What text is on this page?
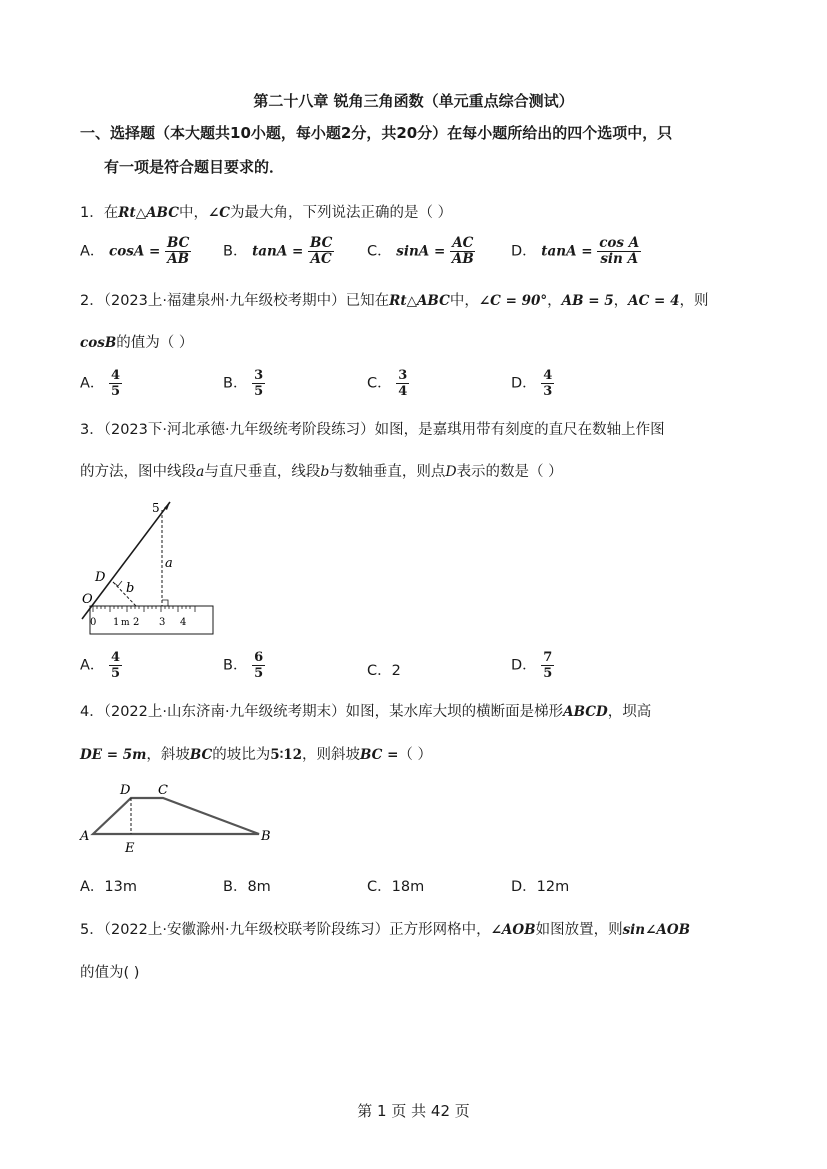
第二十八章 锐角三角函数（单元重点综合测试）
一、选择题（本大题共10小题，每小题2分，共20分）在每小题所给出的四个选项中，只
有一项是符合题目要求的．
1．在Rt△ABC中，∠C为最大角，下列说法正确的是（ ）
A． $\cos A = \frac{BC}{AB}$ B． $\tan A = \frac{BC}{AC}$ C． $\sin A = \frac{AC}{AB}$ D． $\tan A = \frac{\text{cos A}}{\text{sin A}}$
2．（2023上·福建泉州·九年级校考期中）已知在Rt△ABC中，∠C = 90°，AB = 5，AC = 4，则
cosB的值为（ ）
A． $\frac{4}{5}$	B． $\frac{3}{5}$	C． $\frac{3}{4}$	D． $\frac{4}{3}$
3．（2023下·河北承德·九年级统考阶段练习）如图，是嘉琪用带有刻度的直尺在数轴上作图
的方法，图中线段a与直尺垂直，线段b与数轴垂直，则点D表示的数是（ ）
0 1 m 2 3 4
5
a
D
b
O
A． $\frac{4}{5}$	B． $\frac{6}{5}$	C．2	D． $\frac{7}{5}$
4．（2022上·山东济南·九年级统考期末）如图，某水库大坝的横断面是梯形ABCD，坝高
DE = 5m，斜坡BC的坡比为5∶12，则斜坡BC =（ ）
A
D C
B
E
A．13m	B．8m	C．18m	D．12m
5．（2022上·安徽滁州·九年级校联考阶段练习）正方形网格中，∠AOB如图放置，则sin∠AOB
的值为( )
第 1 页 共 42 页
